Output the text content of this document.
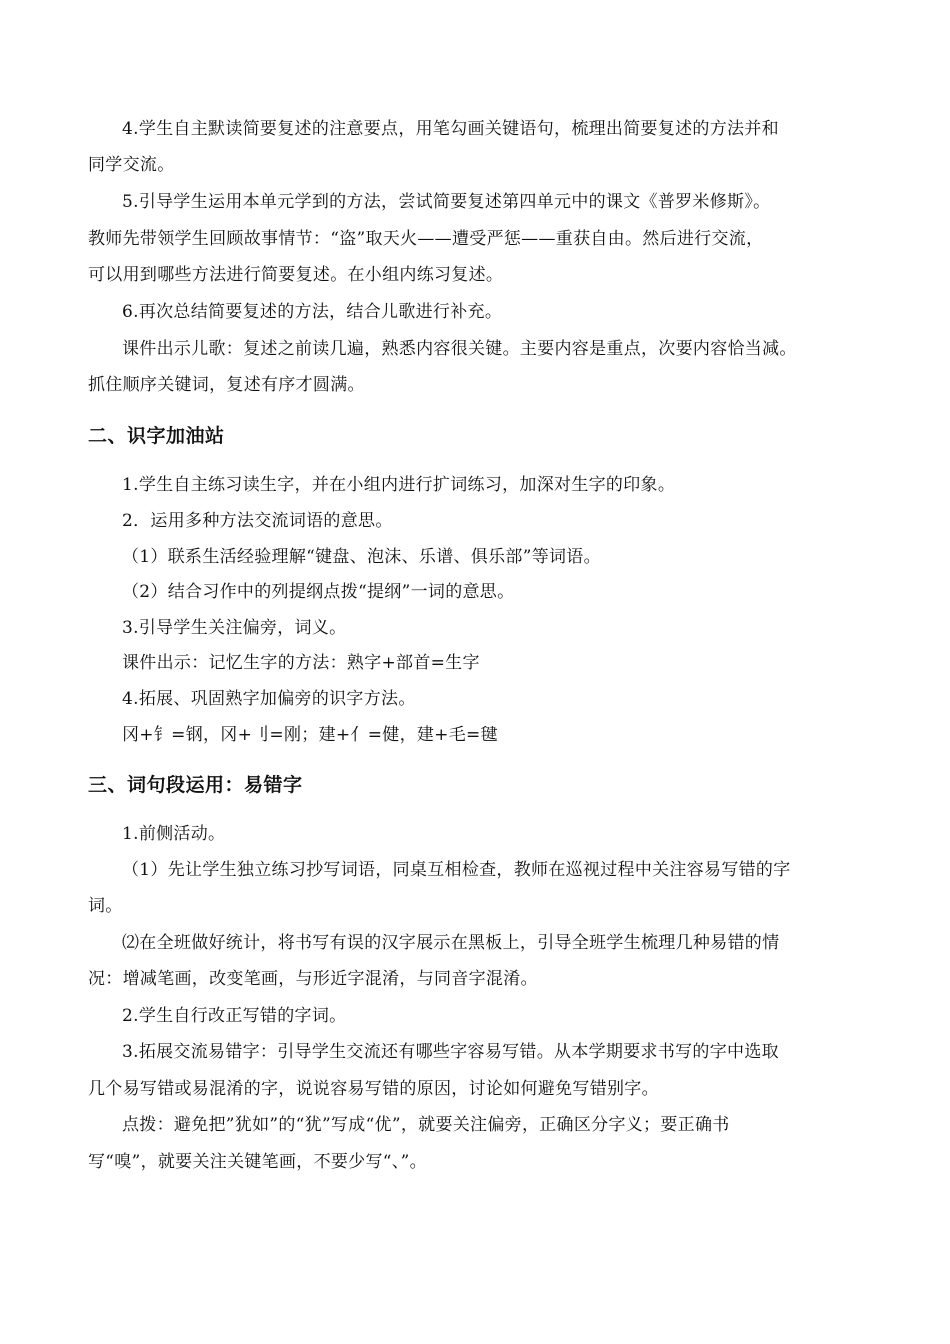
4.学生自主默读简要复述的注意要点，用笔勾画关键语句，梳理出简要复述的方法并和
同学交流。
5.引导学生运用本单元学到的方法，尝试简要复述第四单元中的课文《普罗米修斯》。
教师先带领学生回顾故事情节：“盗”取天火——遭受严惩——重获自由。然后进行交流，
可以用到哪些方法进行简要复述。在小组内练习复述。
6.再次总结简要复述的方法，结合儿歌进行补充。
课件出示儿歌：复述之前读几遍，熟悉内容很关键。主要内容是重点，次要内容恰当减。
抓住顺序关键词，复述有序才圆满。
二、识字加油站
1.学生自主练习读生字，并在小组内进行扩词练习，加深对生字的印象。
2．运用多种方法交流词语的意思。
（1）联系生活经验理解“键盘、泡沫、乐谱、俱乐部”等词语。
（2）结合习作中的列提纲点拨“提纲”一词的意思。
3.引导学生关注偏旁，词义。
课件出示：记忆生字的方法：熟字+部首=生字
4.拓展、巩固熟字加偏旁的识字方法。
冈+钅=钢，冈+刂=刚；建+亻=健，建+毛=毽
三、词句段运用：易错字
1.前侧活动。
（1）先让学生独立练习抄写词语，同桌互相检查，教师在巡视过程中关注容易写错的字
词。
⑵在全班做好统计，将书写有误的汉字展示在黑板上，引导全班学生梳理几种易错的情
况：增减笔画，改变笔画，与形近字混淆，与同音字混淆。
2.学生自行改正写错的字词。
3.拓展交流易错字：引导学生交流还有哪些字容易写错。从本学期要求书写的字中选取
几个易写错或易混淆的字，说说容易写错的原因，讨论如何避免写错别字。
点拨：避免把”犹如”的“犹”写成“优”，就要关注偏旁，正确区分字义；要正确书
写“嗅”，就要关注关键笔画，不要少写“、”。
